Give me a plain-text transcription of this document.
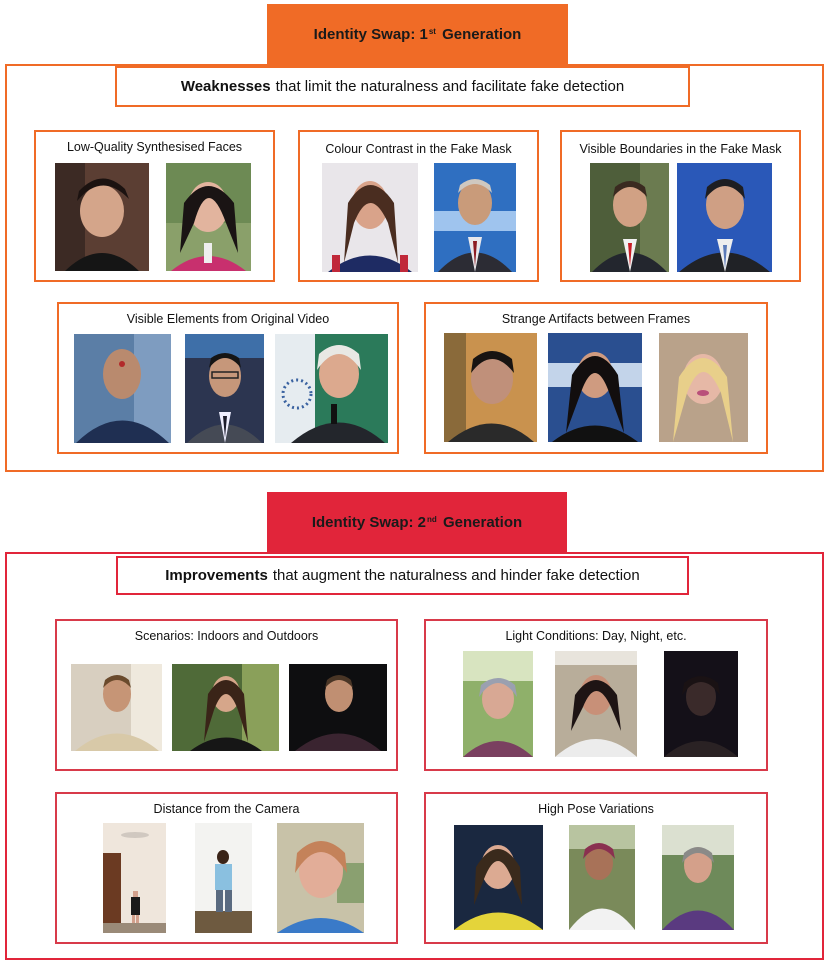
Identity Swap: 1st Generation
Weaknesses that limit the naturalness and facilitate fake detection
Low-Quality Synthesised Faces	Colour Contrast in the Fake Mask	Visible Boundaries in the Fake Mask
Visible Elements from Original Video	Strange Artifacts between Frames
Identity Swap: 2nd Generation
Improvements that augment the naturalness and hinder fake detection
Scenarios: Indoors and Outdoors	Light Conditions: Day, Night, etc.
Distance from the Camera	High Pose Variations
